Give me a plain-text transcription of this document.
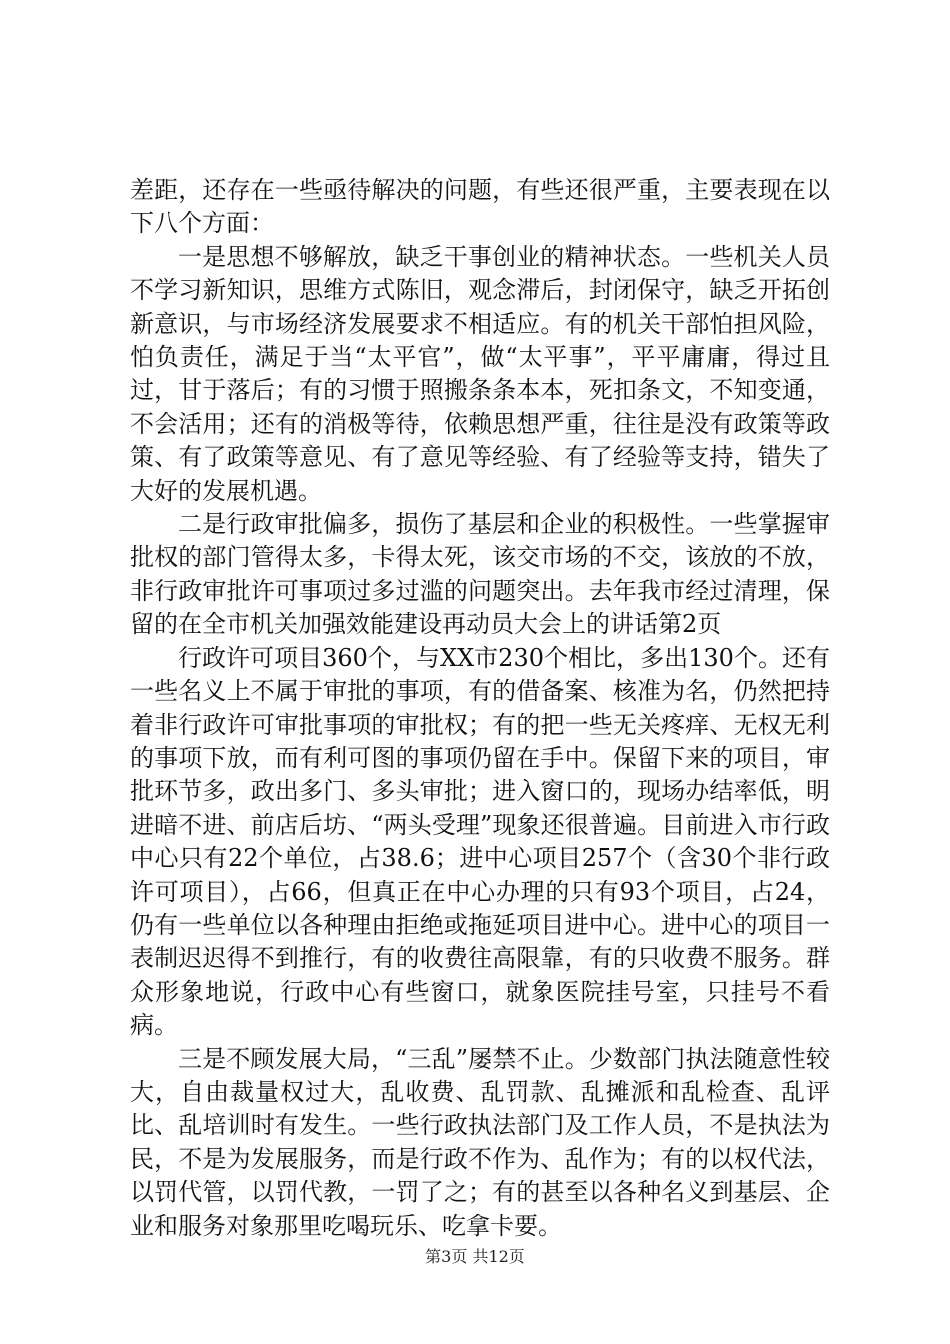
差距，还存在一些亟待解决的问题，有些还很严重，主要表现在以下八个方面：

一是思想不够解放，缺乏干事创业的精神状态。一些机关人员不学习新知识，思维方式陈旧，观念滞后，封闭保守，缺乏开拓创新意识，与市场经济发展要求不相适应。有的机关干部怕担风险，怕负责任，满足于当“太平官”，做“太平事”，平平庸庸，得过且过，甘于落后；有的习惯于照搬条条本本，死扣条文，不知变通，不会活用；还有的消极等待，依赖思想严重，往往是没有政策等政策、有了政策等意见、有了意见等经验、有了经验等支持，错失了大好的发展机遇。

二是行政审批偏多，损伤了基层和企业的积极性。一些掌握审批权的部门管得太多，卡得太死，该交市场的不交，该放的不放，非行政审批许可事项过多过滥的问题突出。去年我市经过清理，保留的在全市机关加强效能建设再动员大会上的讲话第2页

行政许可项目360个，与XX市230个相比，多出130个。还有一些名义上不属于审批的事项，有的借备案、核准为名，仍然把持着非行政许可审批事项的审批权；有的把一些无关疼痒、无权无利的事项下放，而有利可图的事项仍留在手中。保留下来的项目，审批环节多，政出多门、多头审批；进入窗口的，现场办结率低，明进暗不进、前店后坊、“两头受理”现象还很普遍。目前进入市行政中心只有22个单位，占38.6；进中心项目257个（含30个非行政许可项目），占66，但真正在中心办理的只有93个项目，占24，仍有一些单位以各种理由拒绝或拖延项目进中心。进中心的项目一表制迟迟得不到推行，有的收费往高限靠，有的只收费不服务。群众形象地说，行政中心有些窗口，就象医院挂号室，只挂号不看病。

三是不顾发展大局，“三乱”屡禁不止。少数部门执法随意性较大，自由裁量权过大，乱收费、乱罚款、乱摊派和乱检查、乱评比、乱培训时有发生。一些行政执法部门及工作人员，不是执法为民，不是为发展服务，而是行政不作为、乱作为；有的以权代法，以罚代管，以罚代教，一罚了之；有的甚至以各种名义到基层、企业和服务对象那里吃喝玩乐、吃拿卡要。

第3页 共12页
